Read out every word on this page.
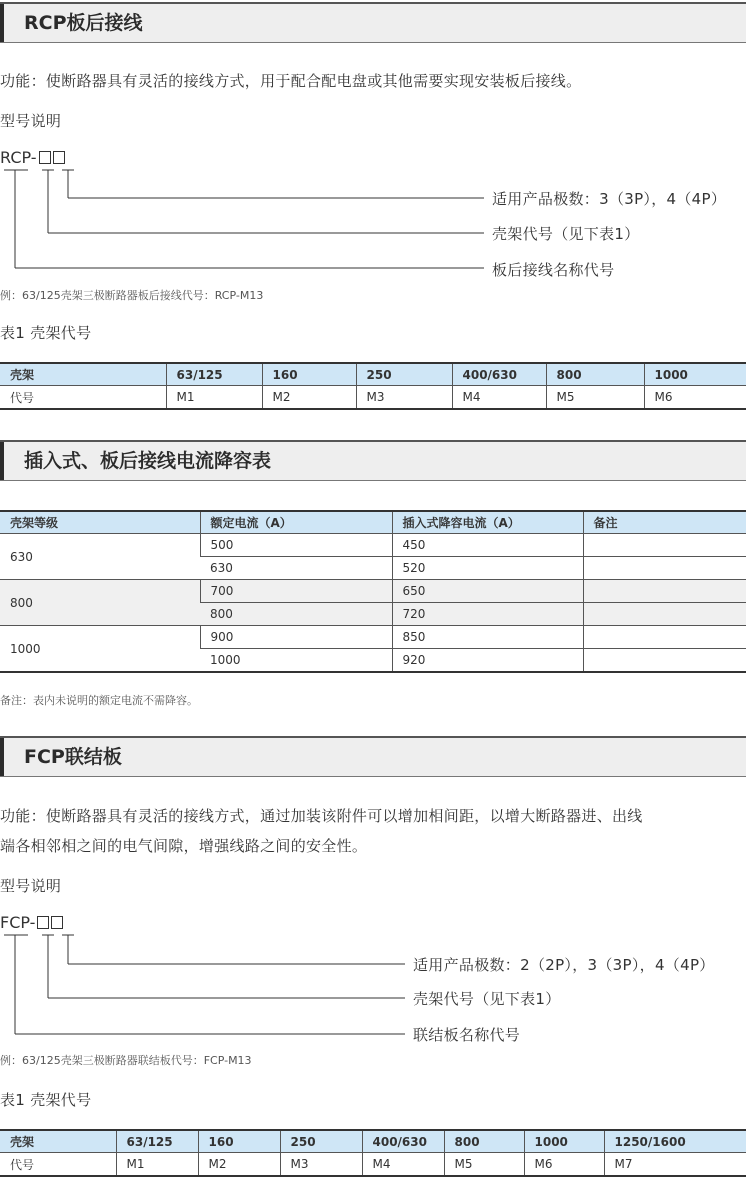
RCP板后接线
功能：使断路器具有灵活的接线方式，用于配合配电盘或其他需要实现安装板后接线。
型号说明
RCP-
适用产品极数：3（3P），4（4P）
壳架代号（见下表1）
板后接线名称代号
例：63/125壳架三极断路器板后接线代号：RCP-M13
表1 壳架代号
壳架	63/125	160	250	400/630	800	1000
代号	M1	M2	M3	M4	M5	M6
插入式、板后接线电流降容表
壳架等级	额定电流（A）	插入式降容电流（A）	备注
630	500	450	
	630	520	
800	700	650	
	800	720	
1000	900	850	
	1000	920	
备注：表内未说明的额定电流不需降容。
FCP联结板
功能：使断路器具有灵活的接线方式，通过加装该附件可以增加相间距，以增大断路器进、出线
端各相邻相之间的电气间隙，增强线路之间的安全性。
型号说明
FCP-
适用产品极数：2（2P），3（3P），4（4P）
壳架代号（见下表1）
联结板名称代号
例：63/125壳架三极断路器联结板代号：FCP-M13
表1 壳架代号
壳架	63/125	160	250	400/630	800	1000	1250/1600
代号	M1	M2	M3	M4	M5	M6	M7
